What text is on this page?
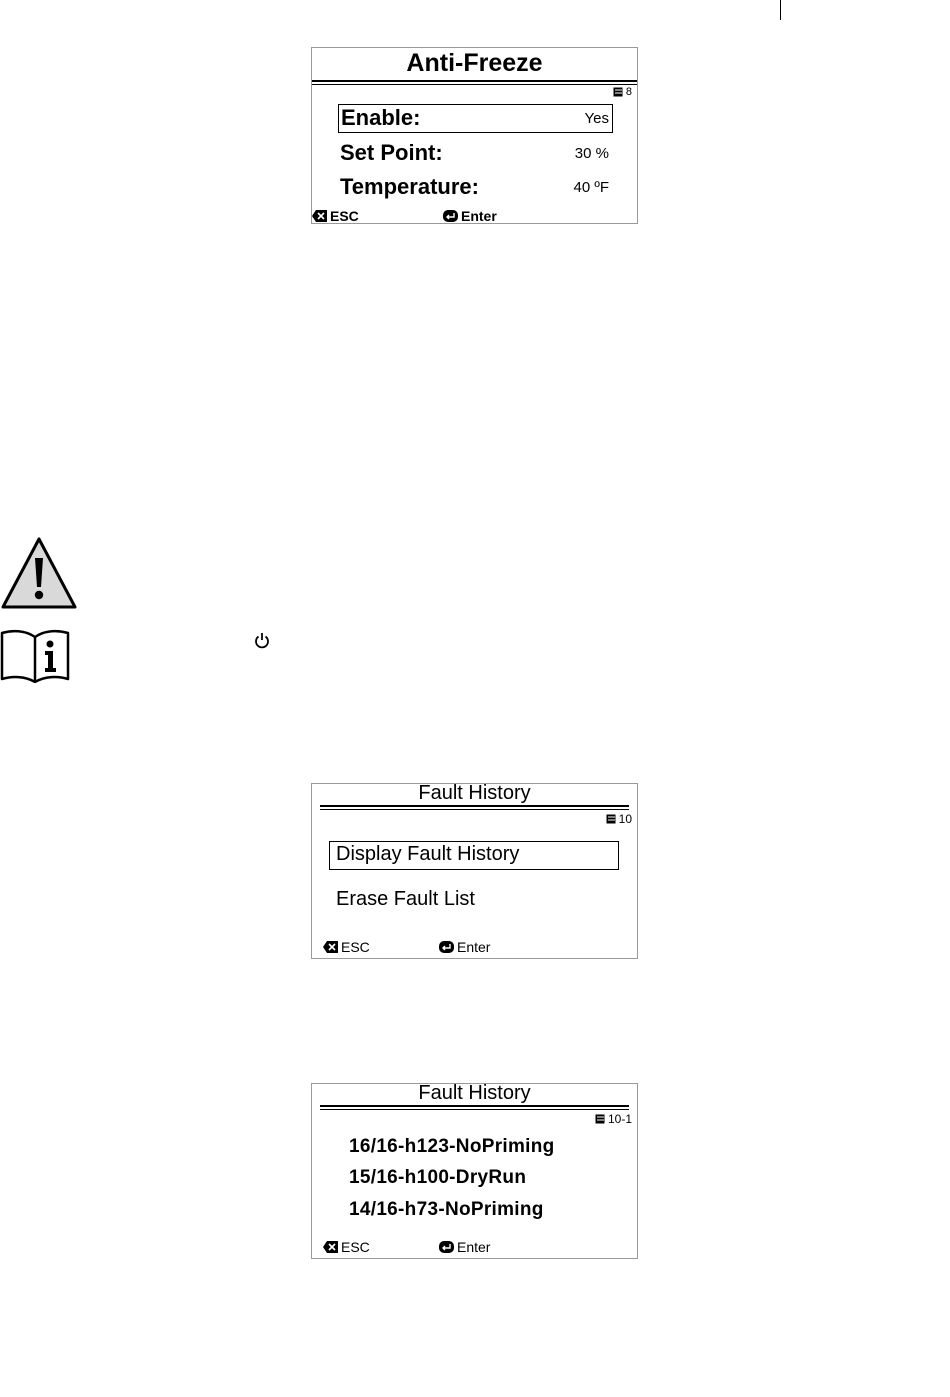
Anti-Freeze
8
Enable:	Yes
Set Point:	30 %
Temperature:	40 ºF
ESC	Enter
Fault History
10
Display Fault History
Erase Fault List
ESC	Enter
Fault History
10-1
16/16-h123-NoPriming
15/16-h100-DryRun
14/16-h73-NoPriming
ESC	Enter
